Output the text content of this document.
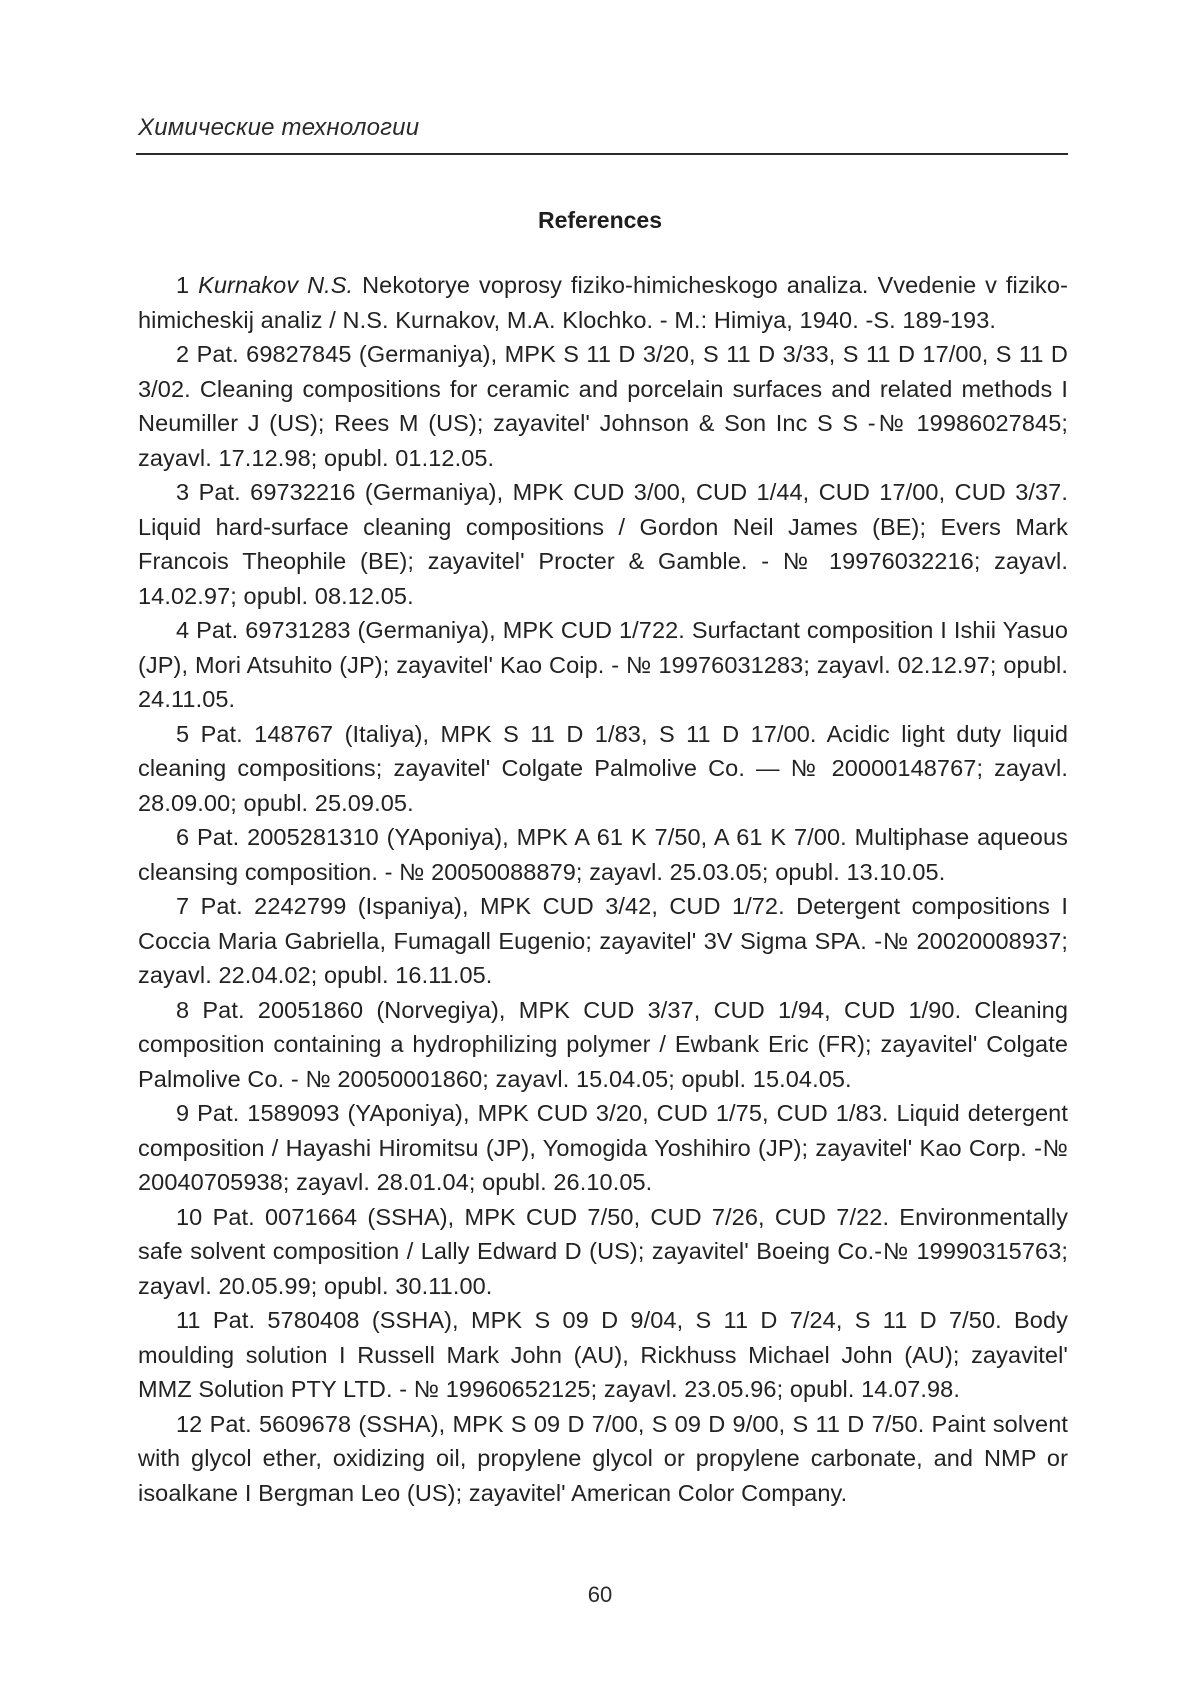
Химические технологии
References
1 Kurnakov N.S. Nekotorye voprosy fiziko-himicheskogo analiza. Vvedenie v fiziko-himicheskij analiz / N.S. Kurnakov, M.A. Klochko. - M.: Himiya, 1940. -S. 189-193.
2 Pat. 69827845 (Germaniya), MPK S 11 D 3/20, S 11 D 3/33, S 11 D 17/00, S 11 D 3/02. Cleaning compositions for ceramic and porcelain surfaces and related methods I Neumiller J (US); Rees M (US); zayavitel' Johnson & Son Inc S S -№ 19986027845; zayavl. 17.12.98; opubl. 01.12.05.
3 Pat. 69732216 (Germaniya), MPK CUD 3/00, CUD 1/44, CUD 17/00, CUD 3/37. Liquid hard-surface cleaning compositions / Gordon Neil James (BE); Evers Mark Francois Theophile (BE); zayavitel' Procter & Gamble. - № 19976032216; zayavl. 14.02.97; opubl. 08.12.05.
4 Pat. 69731283 (Germaniya), MPK CUD 1/722. Surfactant composition I Ishii Yasuo (JP), Mori Atsuhito (JP); zayavitel' Kao Coip. - № 19976031283; zayavl. 02.12.97; opubl. 24.11.05.
5 Pat. 148767 (Italiya), MPK S 11 D 1/83, S 11 D 17/00. Acidic light duty liquid cleaning compositions; zayavitel' Colgate Palmolive Co. — № 20000148767; zayavl. 28.09.00; opubl. 25.09.05.
6 Pat. 2005281310 (YAponiya), MPK A 61 K 7/50, A 61 K 7/00. Multiphase aqueous cleansing composition. - № 20050088879; zayavl. 25.03.05; opubl. 13.10.05.
7 Pat. 2242799 (Ispaniya), MPK CUD 3/42, CUD 1/72. Detergent compositions I Coccia Maria Gabriella, Fumagall Eugenio; zayavitel' 3V Sigma SPA. -№ 20020008937; zayavl. 22.04.02; opubl. 16.11.05.
8 Pat. 20051860 (Norvegiya), MPK CUD 3/37, CUD 1/94, CUD 1/90. Cleaning composition containing a hydrophilizing polymer / Ewbank Eric (FR); zayavitel' Colgate Palmolive Co. - № 20050001860; zayavl. 15.04.05; opubl. 15.04.05.
9 Pat. 1589093 (YAponiya), MPK CUD 3/20, CUD 1/75, CUD 1/83. Liquid detergent composition / Hayashi Hiromitsu (JP), Yomogida Yoshihiro (JP); zayavitel' Kao Corp. -№ 20040705938; zayavl. 28.01.04; opubl. 26.10.05.
10 Pat. 0071664 (SSHA), MPK CUD 7/50, CUD 7/26, CUD 7/22. Environmentally safe solvent composition / Lally Edward D (US); zayavitel' Boeing Co.-№ 19990315763; zayavl. 20.05.99; opubl. 30.11.00.
11 Pat. 5780408 (SSHA), MPK S 09 D 9/04, S 11 D 7/24, S 11 D 7/50. Body moulding solution I Russell Mark John (AU), Rickhuss Michael John (AU); zayavitel' MMZ Solution PTY LTD. - № 19960652125; zayavl. 23.05.96; opubl. 14.07.98.
12 Pat. 5609678 (SSHA), MPK S 09 D 7/00, S 09 D 9/00, S 11 D 7/50. Paint solvent with glycol ether, oxidizing oil, propylene glycol or propylene carbonate, and NMP or isoalkane I Bergman Leo (US); zayavitel' American Color Company.
60
